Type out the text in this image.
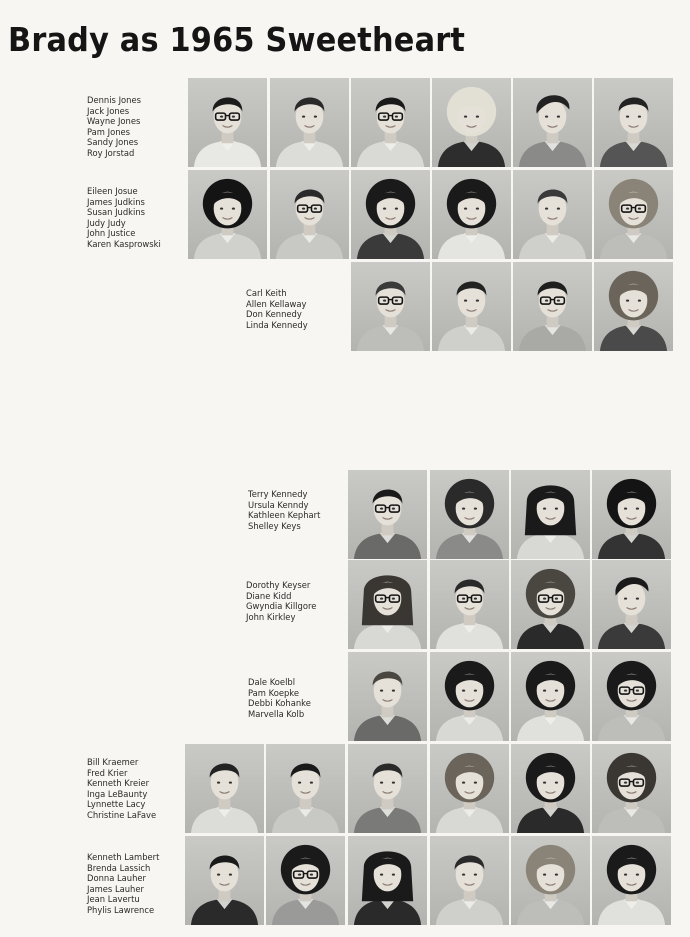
Brady as 1965 Sweetheart
Dennis Jones
Jack Jones
Wayne Jones
Pam Jones
Sandy Jones
Roy Jorstad
Eileen Josue
James Judkins
Susan Judkins
Judy Judy
John Justice
Karen Kasprowski
Carl Keith
Allen Kellaway
Don Kennedy
Linda Kennedy
Terry Kennedy
Ursula Kenndy
Kathleen Kephart
Shelley Keys
Dorothy Keyser
Diane Kidd
Gwyndia Killgore
John Kirkley
Dale Koelbl
Pam Koepke
Debbi Kohanke
Marvella Kolb
Bill Kraemer
Fred Krier
Kenneth Kreier
Inga LeBaunty
Lynnette Lacy
Christine LaFave
Kenneth Lambert
Brenda Lassich
Donna Lauher
James Lauher
Jean Lavertu
Phylis Lawrence
